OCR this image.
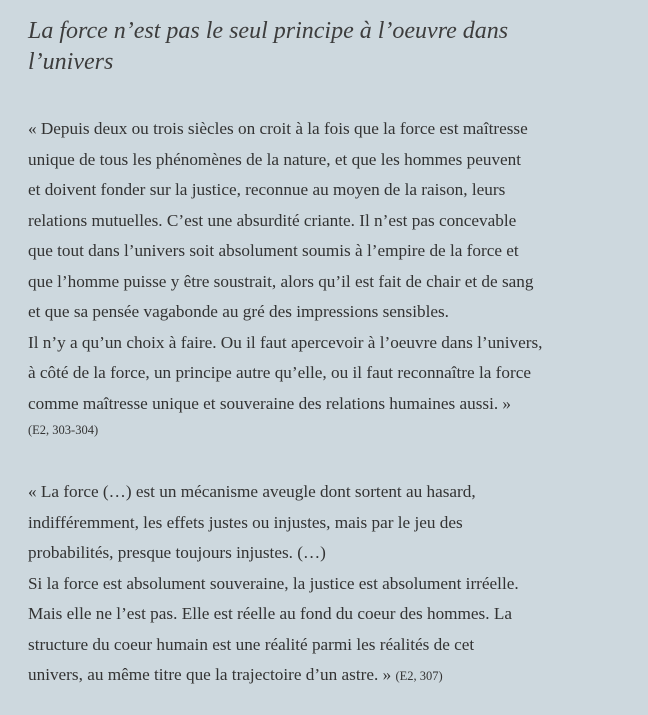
La force n’est pas le seul principe à l’oeuvre dans
l’univers

« Depuis deux ou trois siècles on croit à la fois que la force est maîtresse
unique de tous les phénomènes de la nature, et que les hommes peuvent
et doivent fonder sur la justice, reconnue au moyen de la raison, leurs
relations mutuelles. C’est une absurdité criante. Il n’est pas concevable
que tout dans l’univers soit absolument soumis à l’empire de la force et
que l’homme puisse y être soustrait, alors qu’il est fait de chair et de sang
et que sa pensée vagabonde au gré des impressions sensibles.
Il n’y a qu’un choix à faire. Ou il faut apercevoir à l’oeuvre dans l’univers,
à côté de la force, un principe autre qu’elle, ou il faut reconnaître la force
comme maîtresse unique et souveraine des relations humaines aussi. »
(E2, 303-304)

« La force (…) est un mécanisme aveugle dont sortent au hasard,
indifféremment, les effets justes ou injustes, mais par le jeu des
probabilités, presque toujours injustes. (…)
Si la force est absolument souveraine, la justice est absolument irréelle.
Mais elle ne l’est pas. Elle est réelle au fond du coeur des hommes. La
structure du coeur humain est une réalité parmi les réalités de cet
univers, au même titre que la trajectoire d’un astre. » (E2, 307)
